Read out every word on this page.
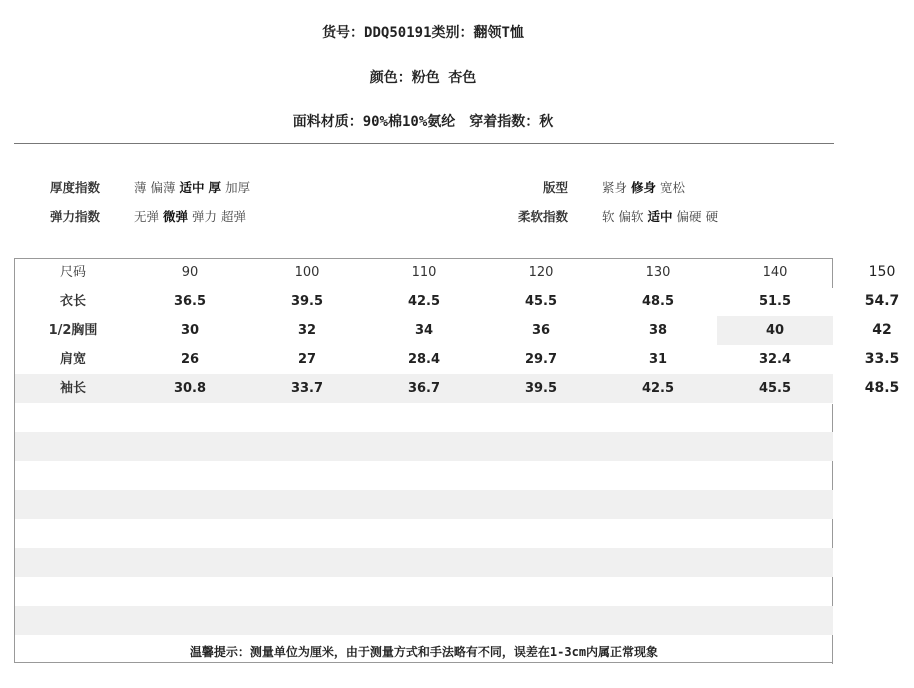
货号：DDQ50191类别：翻领T恤
颜色：粉色 杏色
面料材质：90%棉10%氨纶　穿着指数：秋
厚度指数	薄 偏薄 适中 厚 加厚
弹力指数	无弹 微弹 弹力 超弹
版型	紧身 修身 宽松
柔软指数	软 偏软 适中 偏硬 硬
尺码	90	100	110	120	130	140	150
衣长	36.5	39.5	42.5	45.5	48.5	51.5	54.7
1/2胸围	30	32	34	36	38	40	42
肩宽	26	27	28.4	29.7	31	32.4	33.5
袖长	30.8	33.7	36.7	39.5	42.5	45.5	48.5
温馨提示：测量单位为厘米，由于测量方式和手法略有不同，误差在1-3cm内属正常现象
